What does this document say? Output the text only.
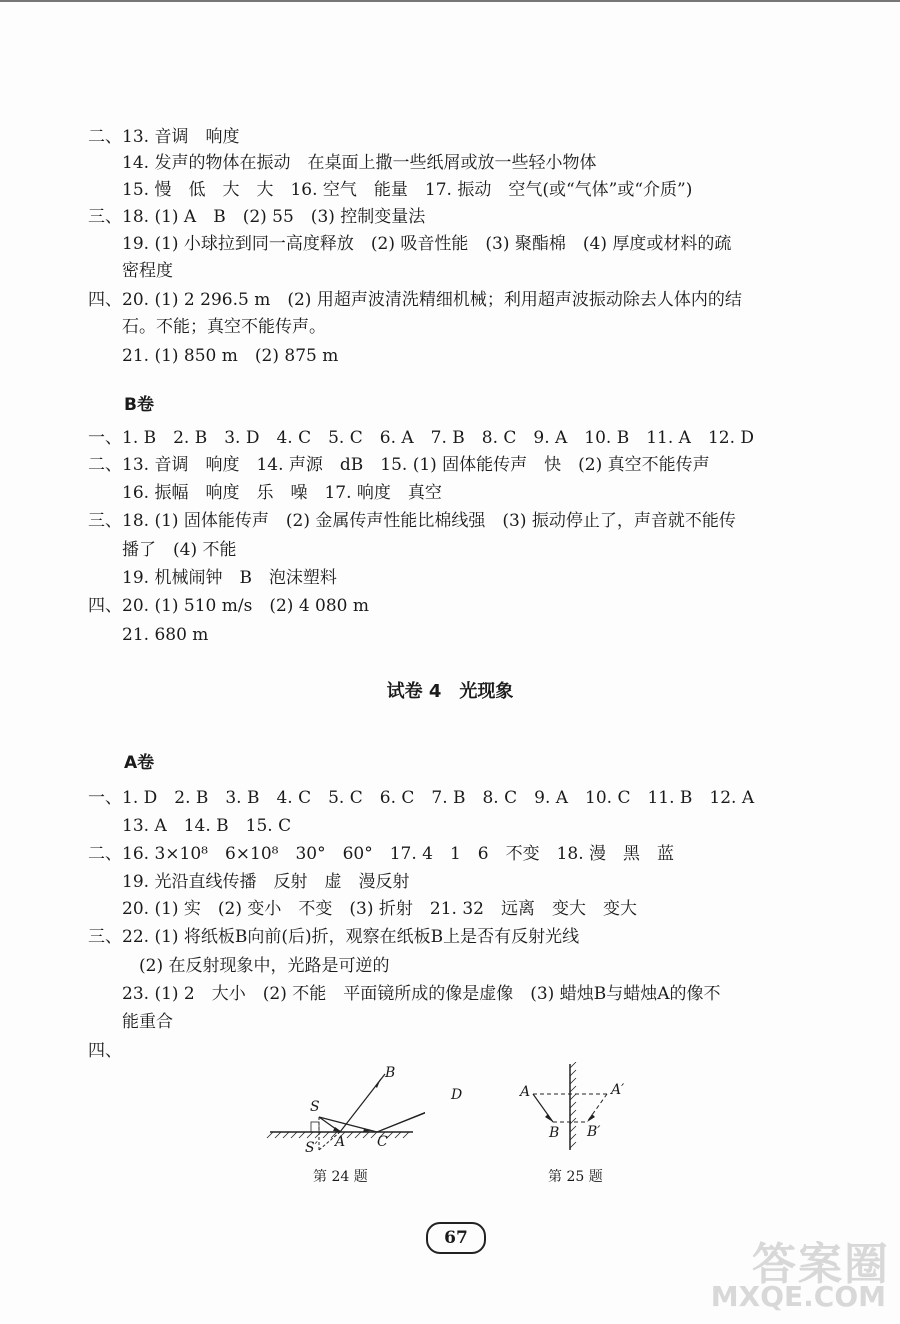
二、13. 音调　响度
　　14. 发声的物体在振动　在桌面上撒一些纸屑或放一些轻小物体
　　15. 慢　低　大　大　16. 空气　能量　17. 振动　空气(或“气体”或“介质”)
三、18. (1) A　B　(2) 55　(3) 控制变量法
　　19. (1) 小球拉到同一高度释放　(2) 吸音性能　(3) 聚酯棉　(4) 厚度或材料的疏
　　密程度
四、20. (1) 2 296.5 m　(2) 用超声波清洗精细机械；利用超声波振动除去人体内的结
　　石。不能；真空不能传声。
　　21. (1) 850 m　(2) 875 m
B卷
一、1. B　2. B　3. D　4. C　5. C　6. A　7. B　8. C　9. A　10. B　11. A　12. D
二、13. 音调　响度　14. 声源　dB　15. (1) 固体能传声　快　(2) 真空不能传声
　　16. 振幅　响度　乐　噪　17. 响度　真空
三、18. (1) 固体能传声　(2) 金属传声性能比棉线强　(3) 振动停止了，声音就不能传
　　播了　(4) 不能
　　19. 机械闹钟　B　泡沫塑料
四、20. (1) 510 m/s　(2) 4 080 m
　　21. 680 m
试卷 4　光现象
A卷
一、1. D　2. B　3. B　4. C　5. C　6. C　7. B　8. C　9. A　10. C　11. B　12. A
　　13. A　14. B　15. C
二、16. 3×10⁸　6×10⁸　30°　60°　17. 4　1　6　不变　18. 漫　黑　蓝
　　19. 光沿直线传播　反射　虚　漫反射
　　20. (1) 实　(2) 变小　不变　(3) 折射　21. 32　远离　变大　变大
三、22. (1) 将纸板B向前(后)折，观察在纸板B上是否有反射光线
　　　(2) 在反射现象中，光路是可逆的
　　23. (1) 2　大小　(2) 不能　平面镜所成的像是虚像　(3) 蜡烛B与蜡烛A的像不
　　能重合
四、
S
S′ A
B
C
D
第 24 题
A	A′
B B′
第 25 题
67
答案圈
MXQE.COM
